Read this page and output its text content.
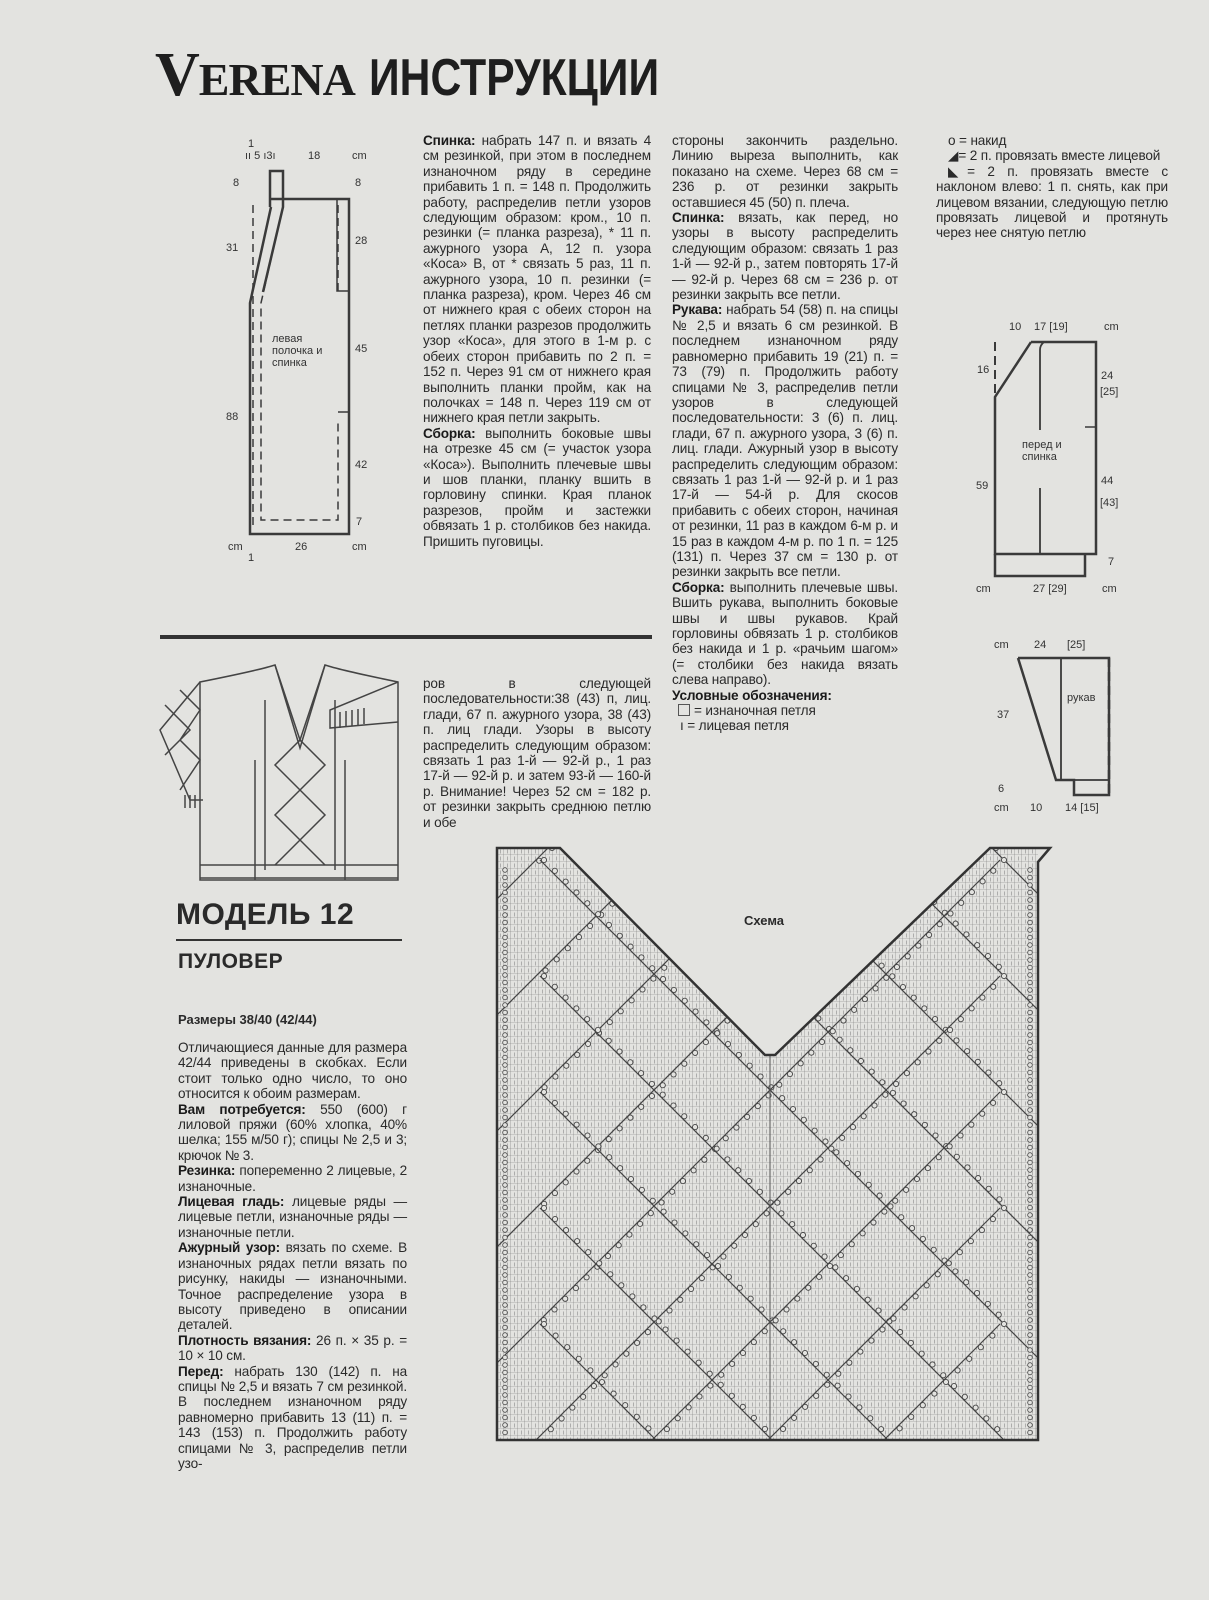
VERENA ИНСТРУКЦИИ

Спинка: набрать 147 п. и вязать 4 см резинкой, при этом в последнем изнаночном ряду в середине прибавить 1 п. = 148 п. Продолжить работу, распределив петли узоров следующим образом: кром., 10 п. резинки (= планка разреза), * 11 п. ажурного узора А, 12 п. узора «Коса» В, от * связать 5 раз, 11 п. ажурного узора, 10 п. резинки (= планка разреза), кром. Через 46 см от нижнего края с обеих сторон на петлях планки разрезов продолжить узор «Коса», для этого в 1-м р. с обеих сторон прибавить по 2 п. = 152 п. Через 91 см от нижнего края выполнить планки пройм, как на полочках = 148 п. Через 119 см от нижнего края петли закрыть.

Сборка: выполнить боковые швы на отрезке 45 см (= участок узора «Коса»). Выполнить плечевые швы и шов планки, планку вшить в горловину спинки. Края планок разрезов, пройм и застежки обвязать 1 р. столбиков без накида. Пришить пуговицы.

стороны закончить раздельно. Линию выреза выполнить, как показано на схеме. Через 68 см = 236 р. от резинки закрыть оставшиеся 45 (50) п. плеча.

Спинка: вязать, как перед, но узоры в высоту распределить следующим образом: связать 1 раз 1-й — 92-й р., затем повторять 17-й — 92-й р. Через 68 см = 236 р. от резинки закрыть все петли.

Рукава: набрать 54 (58) п. на спицы № 2,5 и вязать 6 см резинкой. В последнем изнаночном ряду равномерно прибавить 19 (21) п. = 73 (79) п. Продолжить работу спицами № 3, распределив петли узоров в следующей последовательности: 3 (6) п. лиц. глади, 67 п. ажурного узора, 3 (6) п. лиц. глади. Ажурный узор в высоту распределить следующим образом: связать 1 раз 1-й — 92-й р. и 1 раз 17-й — 54-й р. Для скосов прибавить с обеих сторон, начиная от резинки, 11 раз в каждом 6-м р. и 15 раз в каждом 4-м р. по 1 п. = 125 (131) п. Через 37 см = 130 р. от резинки закрыть все петли.

Сборка: выполнить плечевые швы. Вшить рукава, выполнить боковые швы и швы рукавов. Край горловины обвязать 1 р. столбиков без накида и 1 р. «рачьим шагом» (= столбики без накида вязать слева направо).

Условные обозначения:

= изнаночная петля

ı = лицевая петля

o = накид

◢= 2 п. провязать вместе лицевой

◣= 2 п. провязать вместе с наклоном влево: 1 п. снять, как при лицевом вязании, следующую петлю провязать лицевой и протянуть через нее снятую петлю

ров в следующей последовательности:38 (43) п, лиц. глади, 67 п. ажурного узора, 38 (43) п. лиц глади. Узоры в высоту распределить следующим образом: связать 1 раз 1-й — 92-й р., 1 раз 17-й — 92-й р. и затем 93-й — 160-й р. Внимание! Через 52 см = 182 р. от резинки закрыть среднюю петлю и обе

МОДЕЛЬ 12
ПУЛОВЕР
Размеры 38/40 (42/44)

Отличающиеся данные для размера 42/44 приведены в скобках. Если стоит только одно число, то оно относится к обоим размерам.

Вам потребуется: 550 (600) г лиловой пряжи (60% хлопка, 40% шелка; 155 м/50 г); спицы № 2,5 и 3; крючок № 3.

Резинка: попеременно 2 лицевые, 2 изнаночные.

Лицевая гладь: лицевые ряды — лицевые петли, изнаночные ряды — изнаночные петли.

Ажурный узор: вязать по схеме. В изнаночных рядах петли вязать по рисунку, накиды — изнаночными. Точное распределение узора в высоту приведено в описании деталей.

Плотность вязания: 26 п. × 35 р. = 10 × 10 см.

Перед: набрать 130 (142) п. на спицы № 2,5 и вязать 7 см резинкой. В последнем изнаночном ряду равномерно прибавить 13 (11) п. = 143 (153) п. Продолжить работу спицами № 3, распределив петли узо-

1
ıı 5 ı3ı	18	cm
8	8
31
28
левая полочка и спинка
45
88
42
7
cm	26	cm
1
10 17 [19]	cm
16	24
[25]
перед и спинка
59	44
[43]
7
cm	27 [29]	cm
cm 24 [25]
рукав
37
6
cm 10 14 [15]
Схема
